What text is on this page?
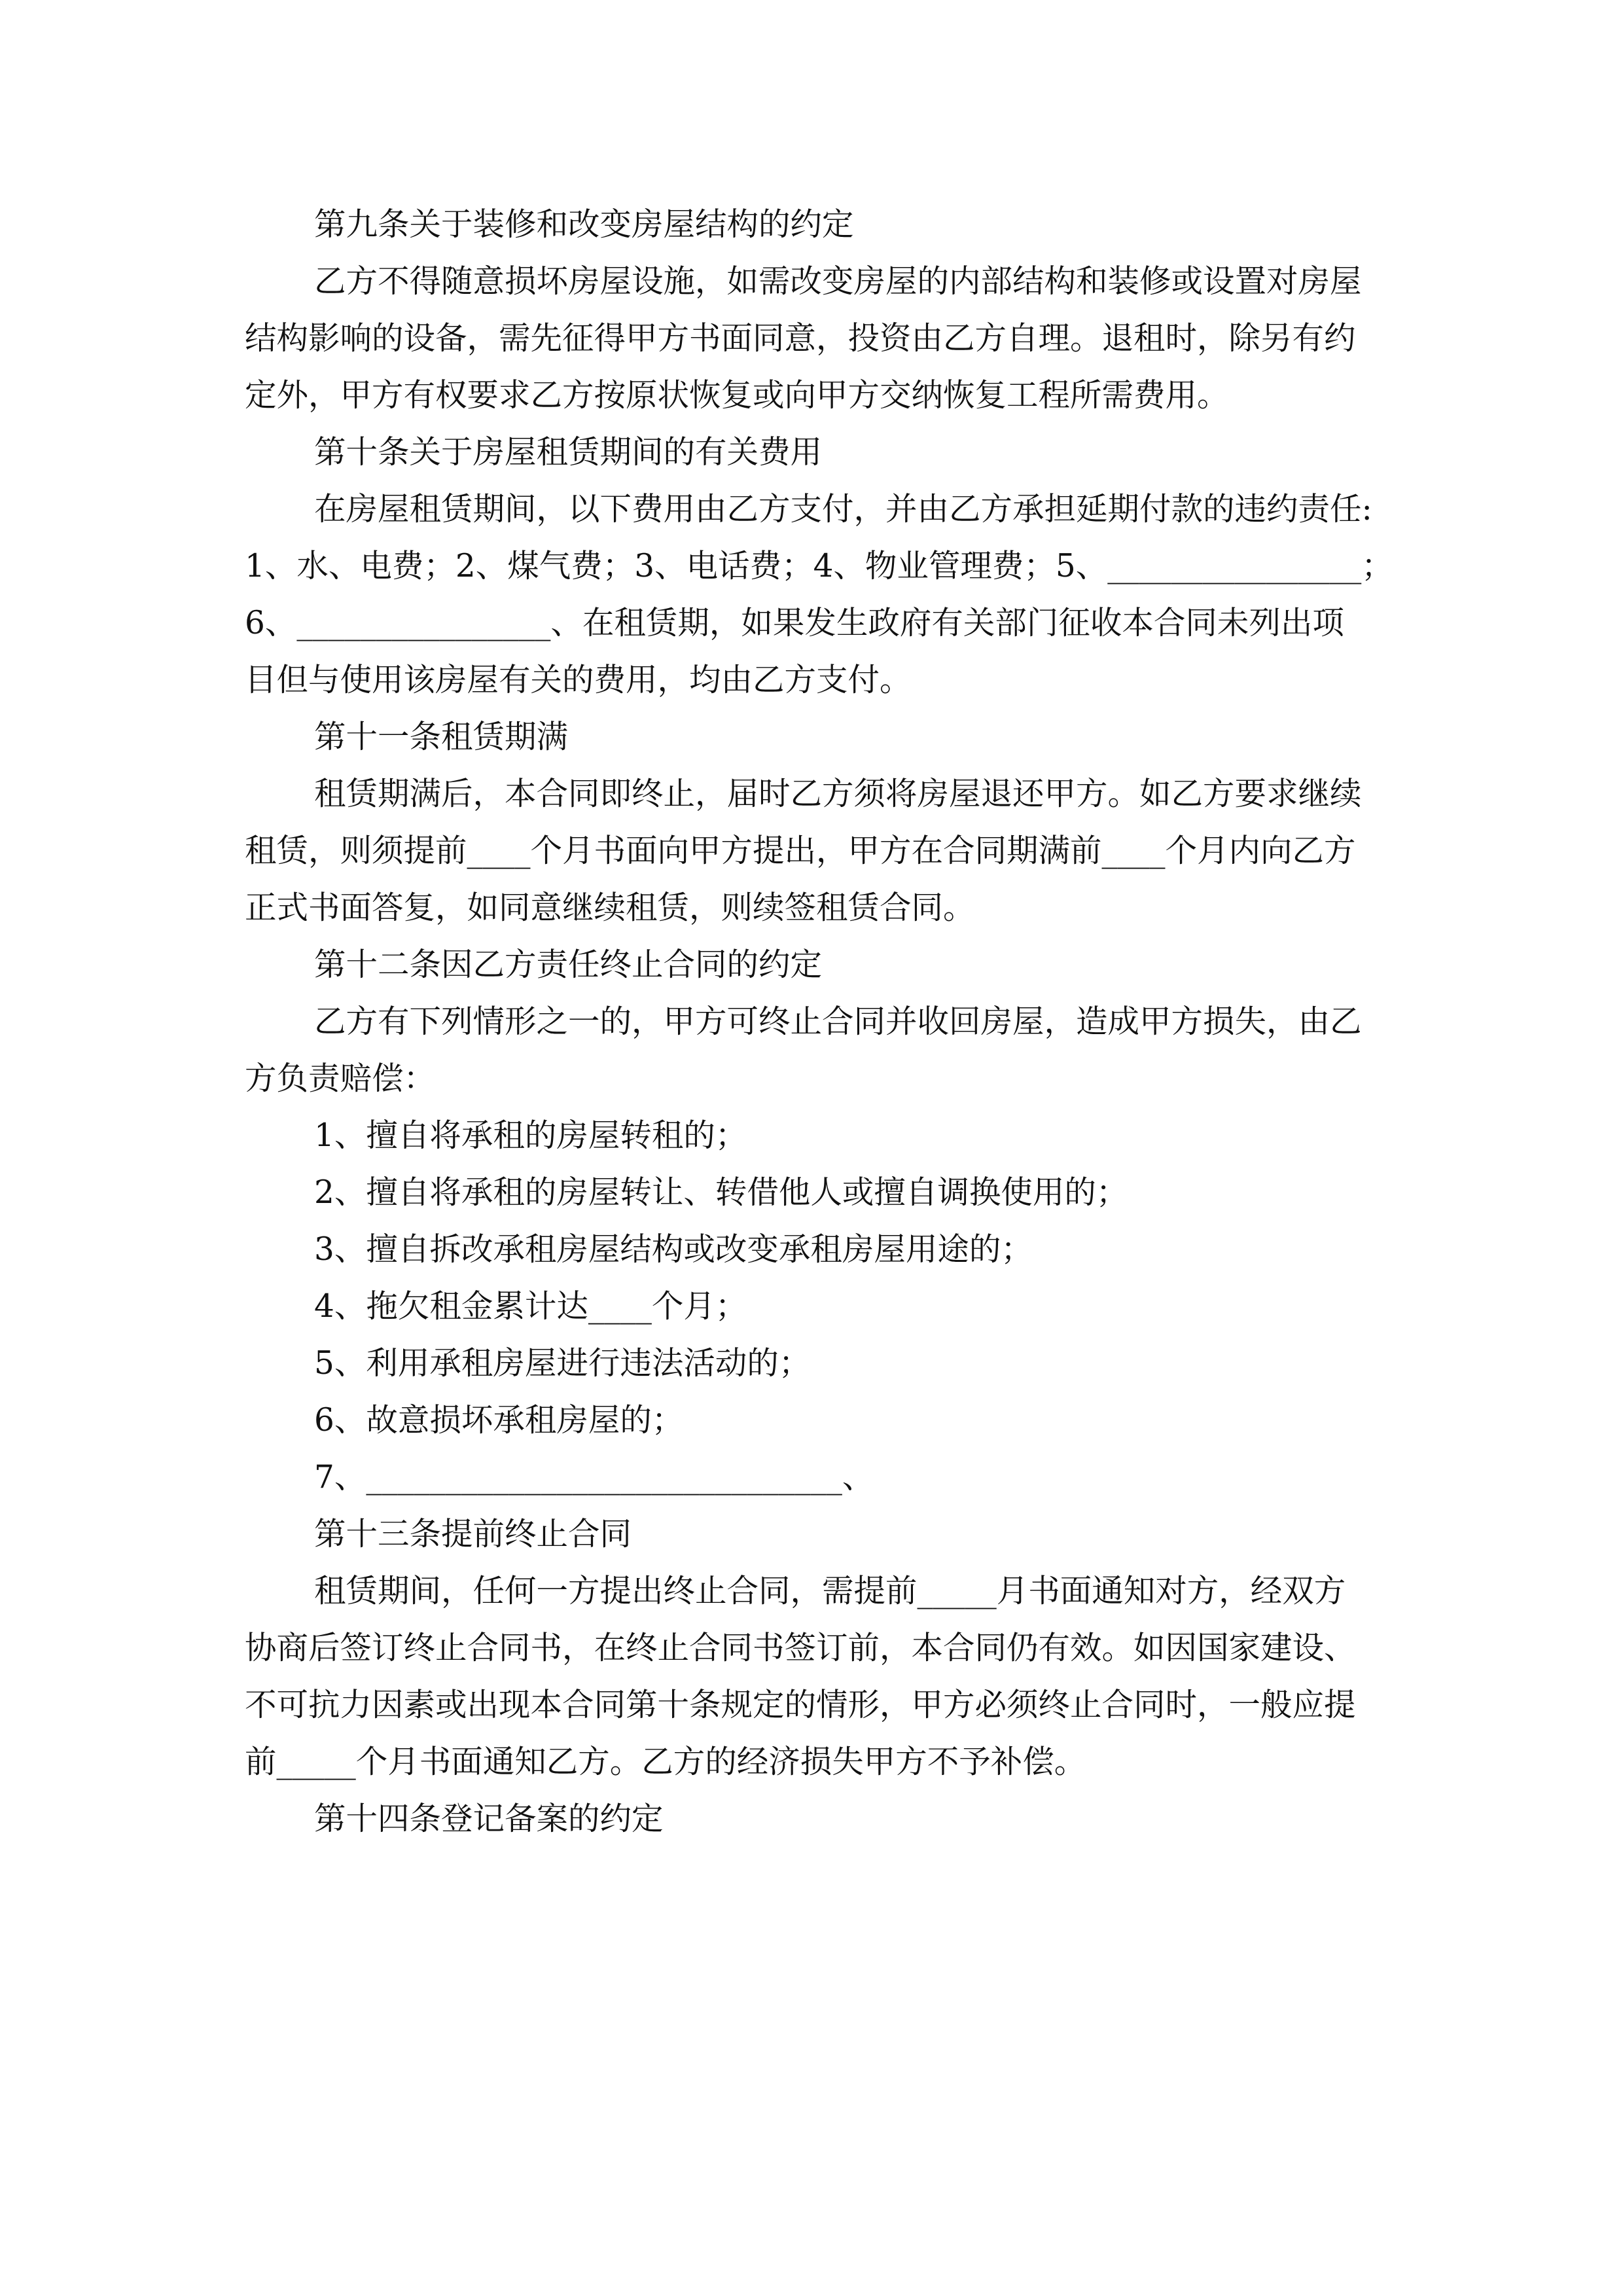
第九条关于装修和改变房屋结构的约定

乙方不得随意损坏房屋设施，如需改变房屋的内部结构和装修或设置对房屋

结构影响的设备，需先征得甲方书面同意，投资由乙方自理。退租时，除另有约

定外，甲方有权要求乙方按原状恢复或向甲方交纳恢复工程所需费用。

第十条关于房屋租赁期间的有关费用

在房屋租赁期间，以下费用由乙方支付，并由乙方承担延期付款的违约责任:

1、水、电费；2、煤气费；3、电话费；4、物业管理费；5、________________；

6、________________、在租赁期，如果发生政府有关部门征收本合同未列出项

目但与使用该房屋有关的费用，均由乙方支付。

第十一条租赁期满

租赁期满后，本合同即终止，届时乙方须将房屋退还甲方。如乙方要求继续

租赁，则须提前____个月书面向甲方提出，甲方在合同期满前____个月内向乙方

正式书面答复，如同意继续租赁，则续签租赁合同。

第十二条因乙方责任终止合同的约定

乙方有下列情形之一的，甲方可终止合同并收回房屋，造成甲方损失，由乙

方负责赔偿：

1、擅自将承租的房屋转租的；

2、擅自将承租的房屋转让、转借他人或擅自调换使用的；

3、擅自拆改承租房屋结构或改变承租房屋用途的；

4、拖欠租金累计达____个月；

5、利用承租房屋进行违法活动的；

6、故意损坏承租房屋的；

7、______________________________、

第十三条提前终止合同

租赁期间，任何一方提出终止合同，需提前_____月书面通知对方，经双方

协商后签订终止合同书，在终止合同书签订前，本合同仍有效。如因国家建设、

不可抗力因素或出现本合同第十条规定的情形，甲方必须终止合同时，一般应提

前_____个月书面通知乙方。乙方的经济损失甲方不予补偿。

第十四条登记备案的约定
